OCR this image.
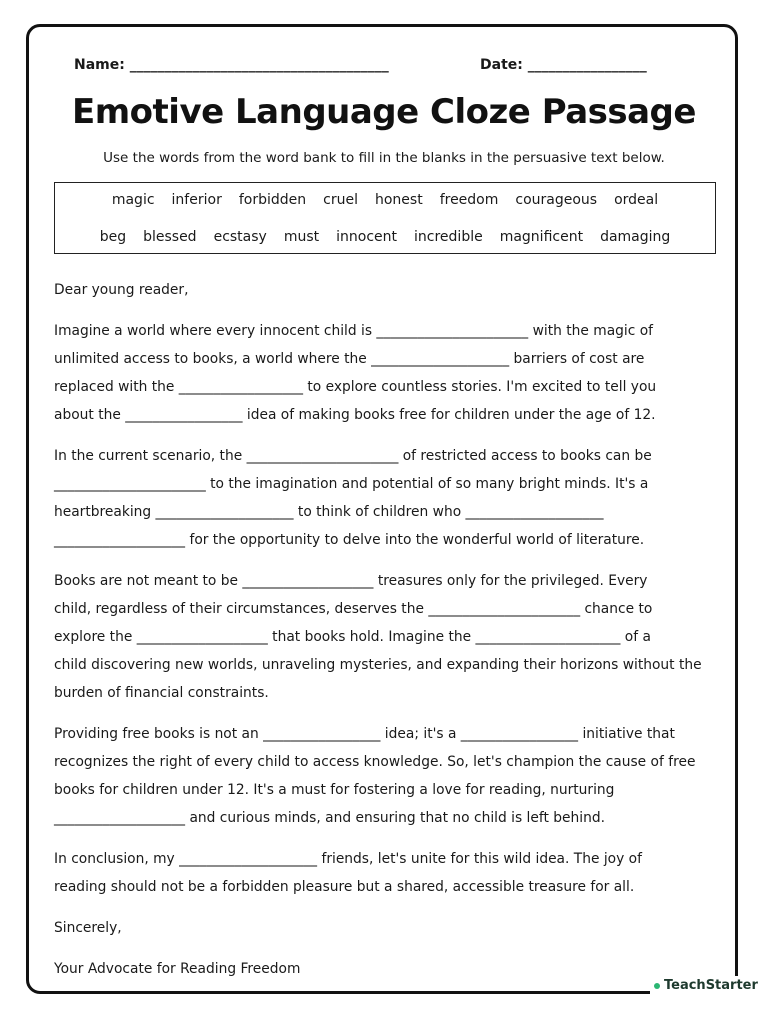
Name: _____________________________________	Date: _________________
Emotive Language Cloze Passage
Use the words from the word bank to fill in the blanks in the persuasive text below.
magic inferior forbidden cruel honest freedom courageous ordeal
beg blessed ecstasy must innocent incredible magnificent damaging

Dear young reader,

Imagine a world where every innocent child is ______________________ with the magic of
unlimited access to books, a world where the ____________________ barriers of cost are
replaced with the __________________ to explore countless stories. I'm excited to tell you
about the _________________ idea of making books free for children under the age of 12.

In the current scenario, the ______________________ of restricted access to books can be
______________________ to the imagination and potential of so many bright minds. It's a
heartbreaking ____________________ to think of children who ____________________
___________________ for the opportunity to delve into the wonderful world of literature.

Books are not meant to be ___________________ treasures only for the privileged. Every
child, regardless of their circumstances, deserves the ______________________ chance to
explore the ___________________ that books hold. Imagine the _____________________ of a
child discovering new worlds, unraveling mysteries, and expanding their horizons without the
burden of financial constraints.

Providing free books is not an _________________ idea; it's a _________________ initiative that
recognizes the right of every child to access knowledge. So, let's champion the cause of free
books for children under 12. It's a must for fostering a love for reading, nurturing
___________________ and curious minds, and ensuring that no child is left behind.

In conclusion, my ____________________ friends, let's unite for this wild idea. The joy of
reading should not be a forbidden pleasure but a shared, accessible treasure for all.

Sincerely,

Your Advocate for Reading Freedom

TeachStarter
